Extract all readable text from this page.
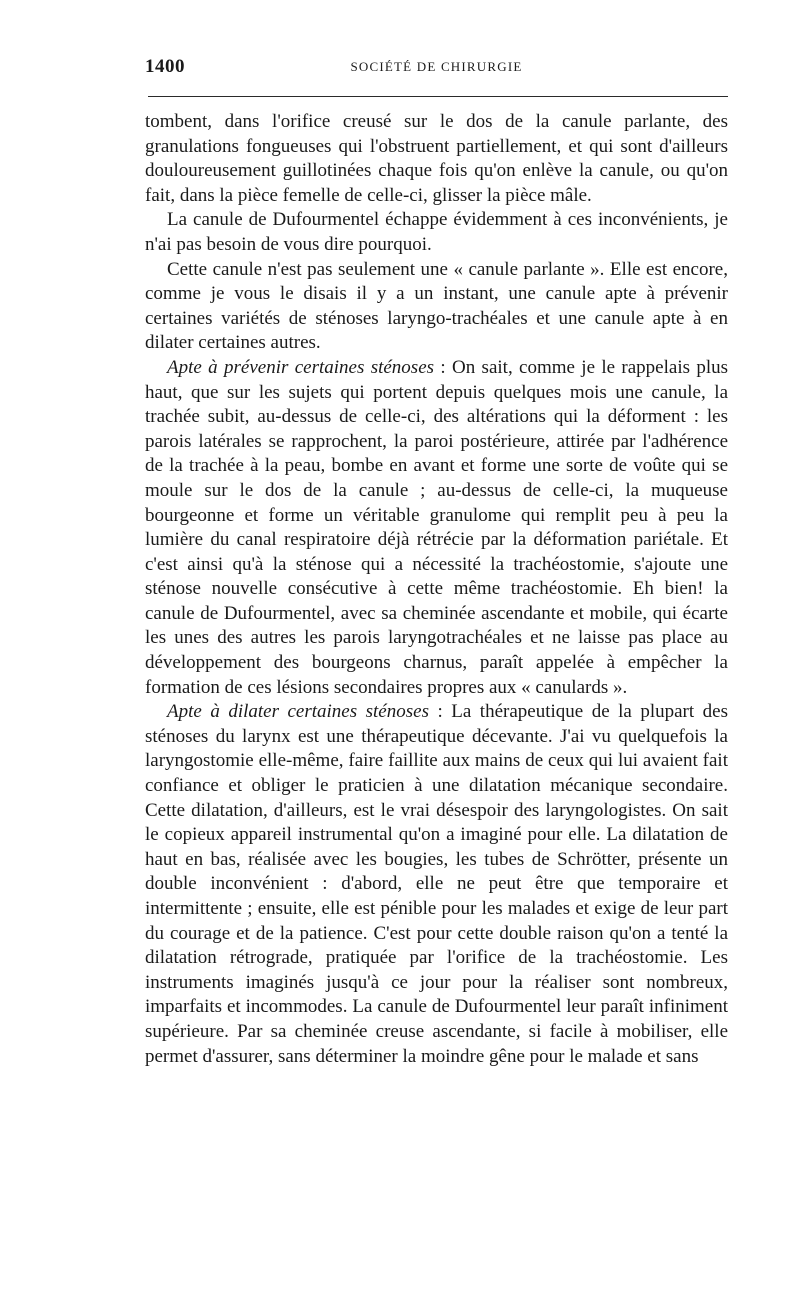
1400	SOCIÉTÉ DE CHIRURGIE

tombent, dans l'orifice creusé sur le dos de la canule parlante, des granulations fongueuses qui l'obstruent partiellement, et qui sont d'ailleurs douloureusement guillotinées chaque fois qu'on enlève la canule, ou qu'on fait, dans la pièce femelle de celle-ci, glisser la pièce mâle.

La canule de Dufourmentel échappe évidemment à ces inconvénients, je n'ai pas besoin de vous dire pourquoi.

Cette canule n'est pas seulement une « canule parlante ». Elle est encore, comme je vous le disais il y a un instant, une canule apte à prévenir certaines variétés de sténoses laryngo-trachéales et une canule apte à en dilater certaines autres.

Apte à prévenir certaines sténoses : On sait, comme je le rappelais plus haut, que sur les sujets qui portent depuis quelques mois une canule, la trachée subit, au-dessus de celle-ci, des altérations qui la déforment : les parois latérales se rapprochent, la paroi postérieure, attirée par l'adhérence de la trachée à la peau, bombe en avant et forme une sorte de voûte qui se moule sur le dos de la canule ; au-dessus de celle-ci, la muqueuse bourgeonne et forme un véritable granulome qui remplit peu à peu la lumière du canal respiratoire déjà rétrécie par la déformation pariétale. Et c'est ainsi qu'à la sténose qui a nécessité la trachéostomie, s'ajoute une sténose nouvelle consécutive à cette même trachéostomie. Eh bien! la canule de Dufourmentel, avec sa cheminée ascendante et mobile, qui écarte les unes des autres les parois laryngotrachéales et ne laisse pas place au développement des bourgeons charnus, paraît appelée à empêcher la formation de ces lésions secondaires propres aux « canulards ».

Apte à dilater certaines sténoses : La thérapeutique de la plupart des sténoses du larynx est une thérapeutique décevante. J'ai vu quelquefois la laryngostomie elle-même, faire faillite aux mains de ceux qui lui avaient fait confiance et obliger le praticien à une dilatation mécanique secondaire. Cette dilatation, d'ailleurs, est le vrai désespoir des laryngologistes. On sait le copieux appareil instrumental qu'on a imaginé pour elle. La dilatation de haut en bas, réalisée avec les bougies, les tubes de Schrötter, présente un double inconvénient : d'abord, elle ne peut être que temporaire et intermittente ; ensuite, elle est pénible pour les malades et exige de leur part du courage et de la patience. C'est pour cette double raison qu'on a tenté la dilatation rétrograde, pratiquée par l'orifice de la trachéostomie. Les instruments imaginés jusqu'à ce jour pour la réaliser sont nombreux, imparfaits et incommodes. La canule de Dufourmentel leur paraît infiniment supérieure. Par sa cheminée creuse ascendante, si facile à mobiliser, elle permet d'assurer, sans déterminer la moindre gêne pour le malade et sans
